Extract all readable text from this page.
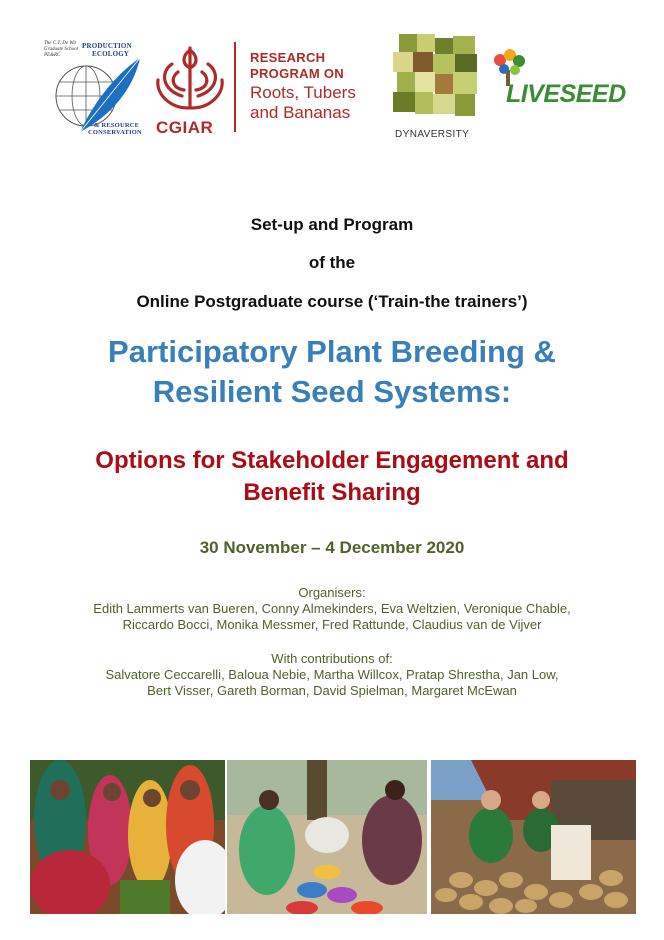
The C.T. De Wit
Graduate School
PE&RC
PRODUCTION
ECOLOGY
& RESOURCE
CONSERVATION CGIAR
RESEARCH
PROGRAM ON
Roots, Tubers
and Bananas
DYNAVERSITY
LIVESEED
Set-up and Program
of the
Online Postgraduate course (‘Train-the trainers’)
Participatory Plant Breeding &
Resilient Seed Systems:
Options for Stakeholder Engagement and
Benefit Sharing
30 November – 4 December 2020
Organisers:
Edith Lammerts van Bueren, Conny Almekinders, Eva Weltzien, Veronique Chable,
Riccardo Bocci, Monika Messmer, Fred Rattunde, Claudius van de Vijver
With contributions of:
Salvatore Ceccarelli, Baloua Nebie, Martha Willcox, Pratap Shrestha, Jan Low,
Bert Visser, Gareth Borman, David Spielman, Margaret McEwan
